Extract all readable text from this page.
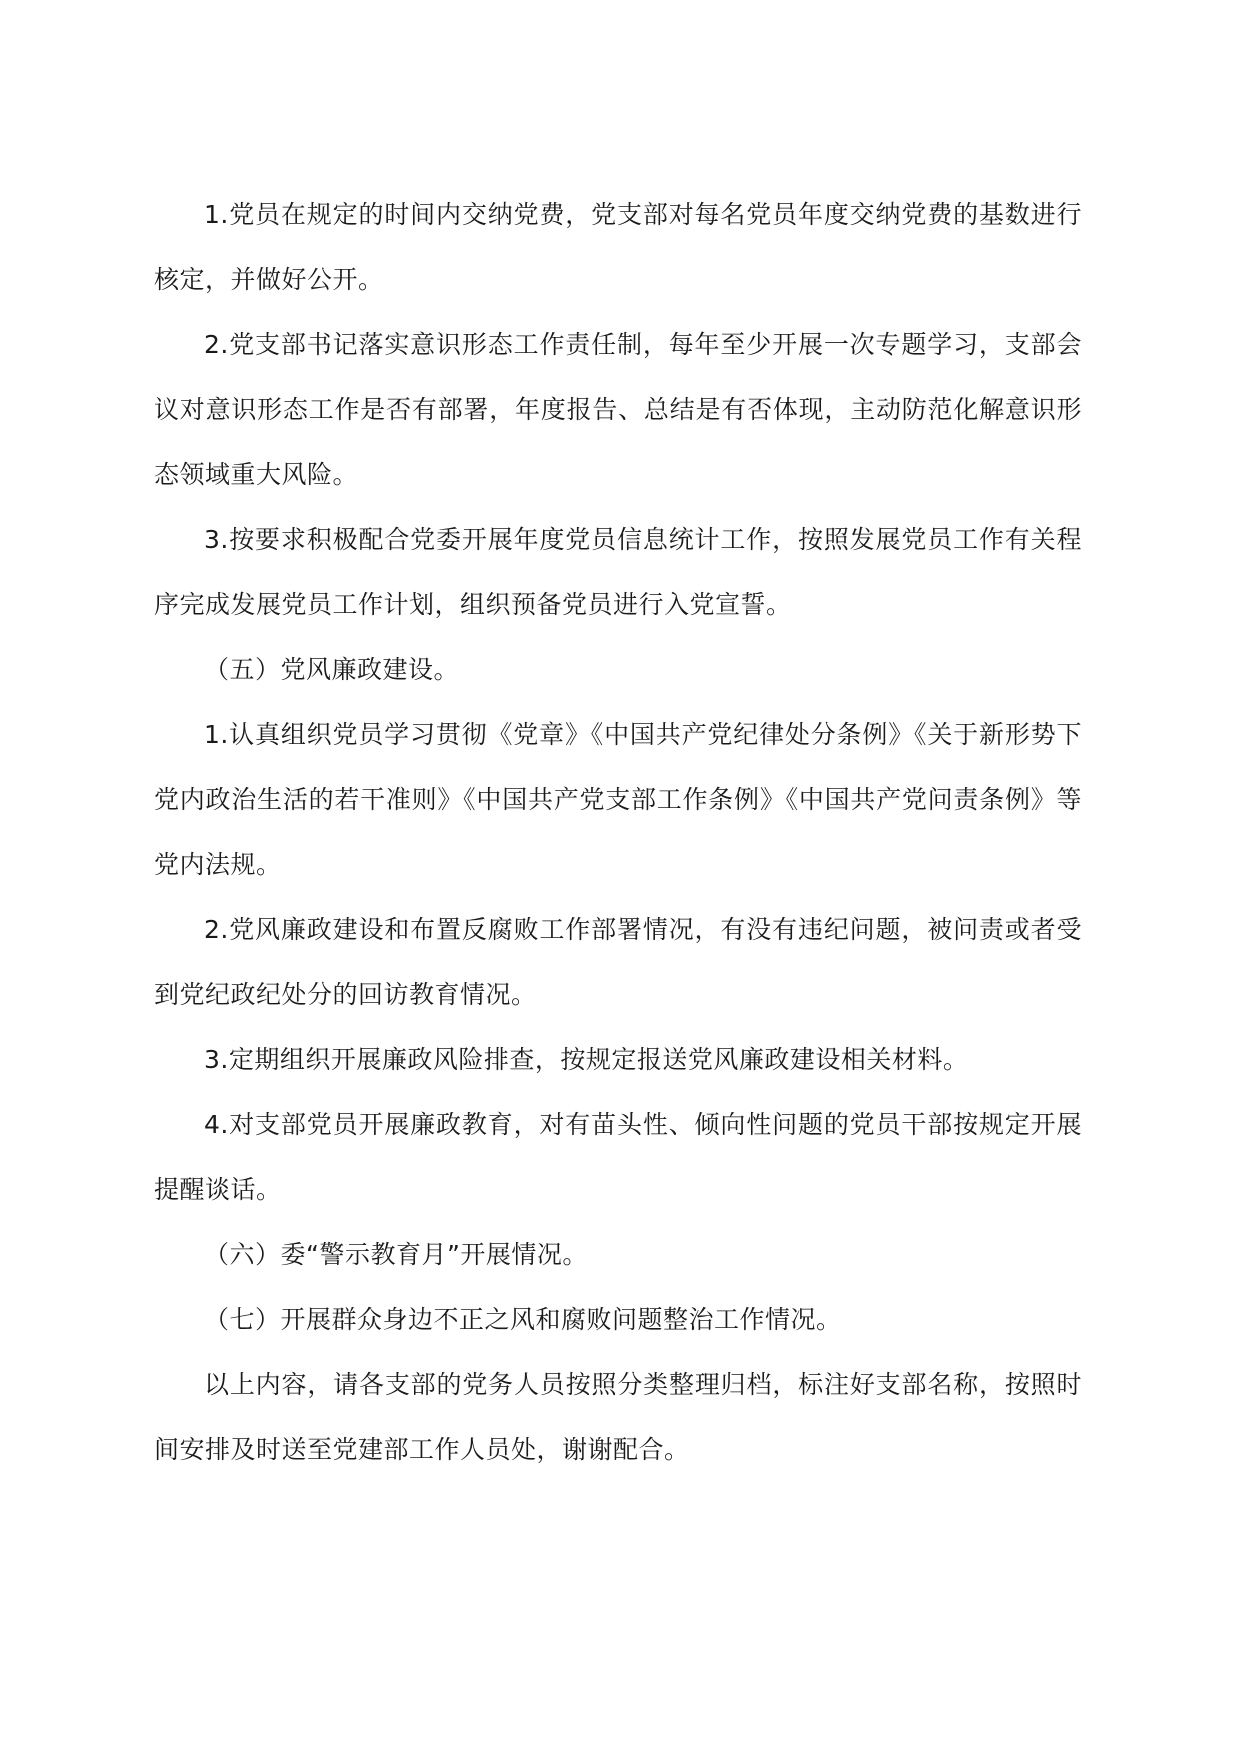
1.党员在规定的时间内交纳党费，党支部对每名党员年度交纳党费的基数进行核定，并做好公开。

2.党支部书记落实意识形态工作责任制，每年至少开展一次专题学习，支部会议对意识形态工作是否有部署，年度报告、总结是有否体现，主动防范化解意识形态领域重大风险。

3.按要求积极配合党委开展年度党员信息统计工作，按照发展党员工作有关程序完成发展党员工作计划，组织预备党员进行入党宣誓。

（五）党风廉政建设。

1.认真组织党员学习贯彻《党章》《中国共产党纪律处分条例》《关于新形势下党内政治生活的若干准则》《中国共产党支部工作条例》《中国共产党问责条例》等党内法规。

2.党风廉政建设和布置反腐败工作部署情况，有没有违纪问题，被问责或者受到党纪政纪处分的回访教育情况。

3.定期组织开展廉政风险排查，按规定报送党风廉政建设相关材料。

4.对支部党员开展廉政教育，对有苗头性、倾向性问题的党员干部按规定开展提醒谈话。

（六）委“警示教育月”开展情况。

（七）开展群众身边不正之风和腐败问题整治工作情况。

以上内容，请各支部的党务人员按照分类整理归档，标注好支部名称，按照时间安排及时送至党建部工作人员处，谢谢配合。
